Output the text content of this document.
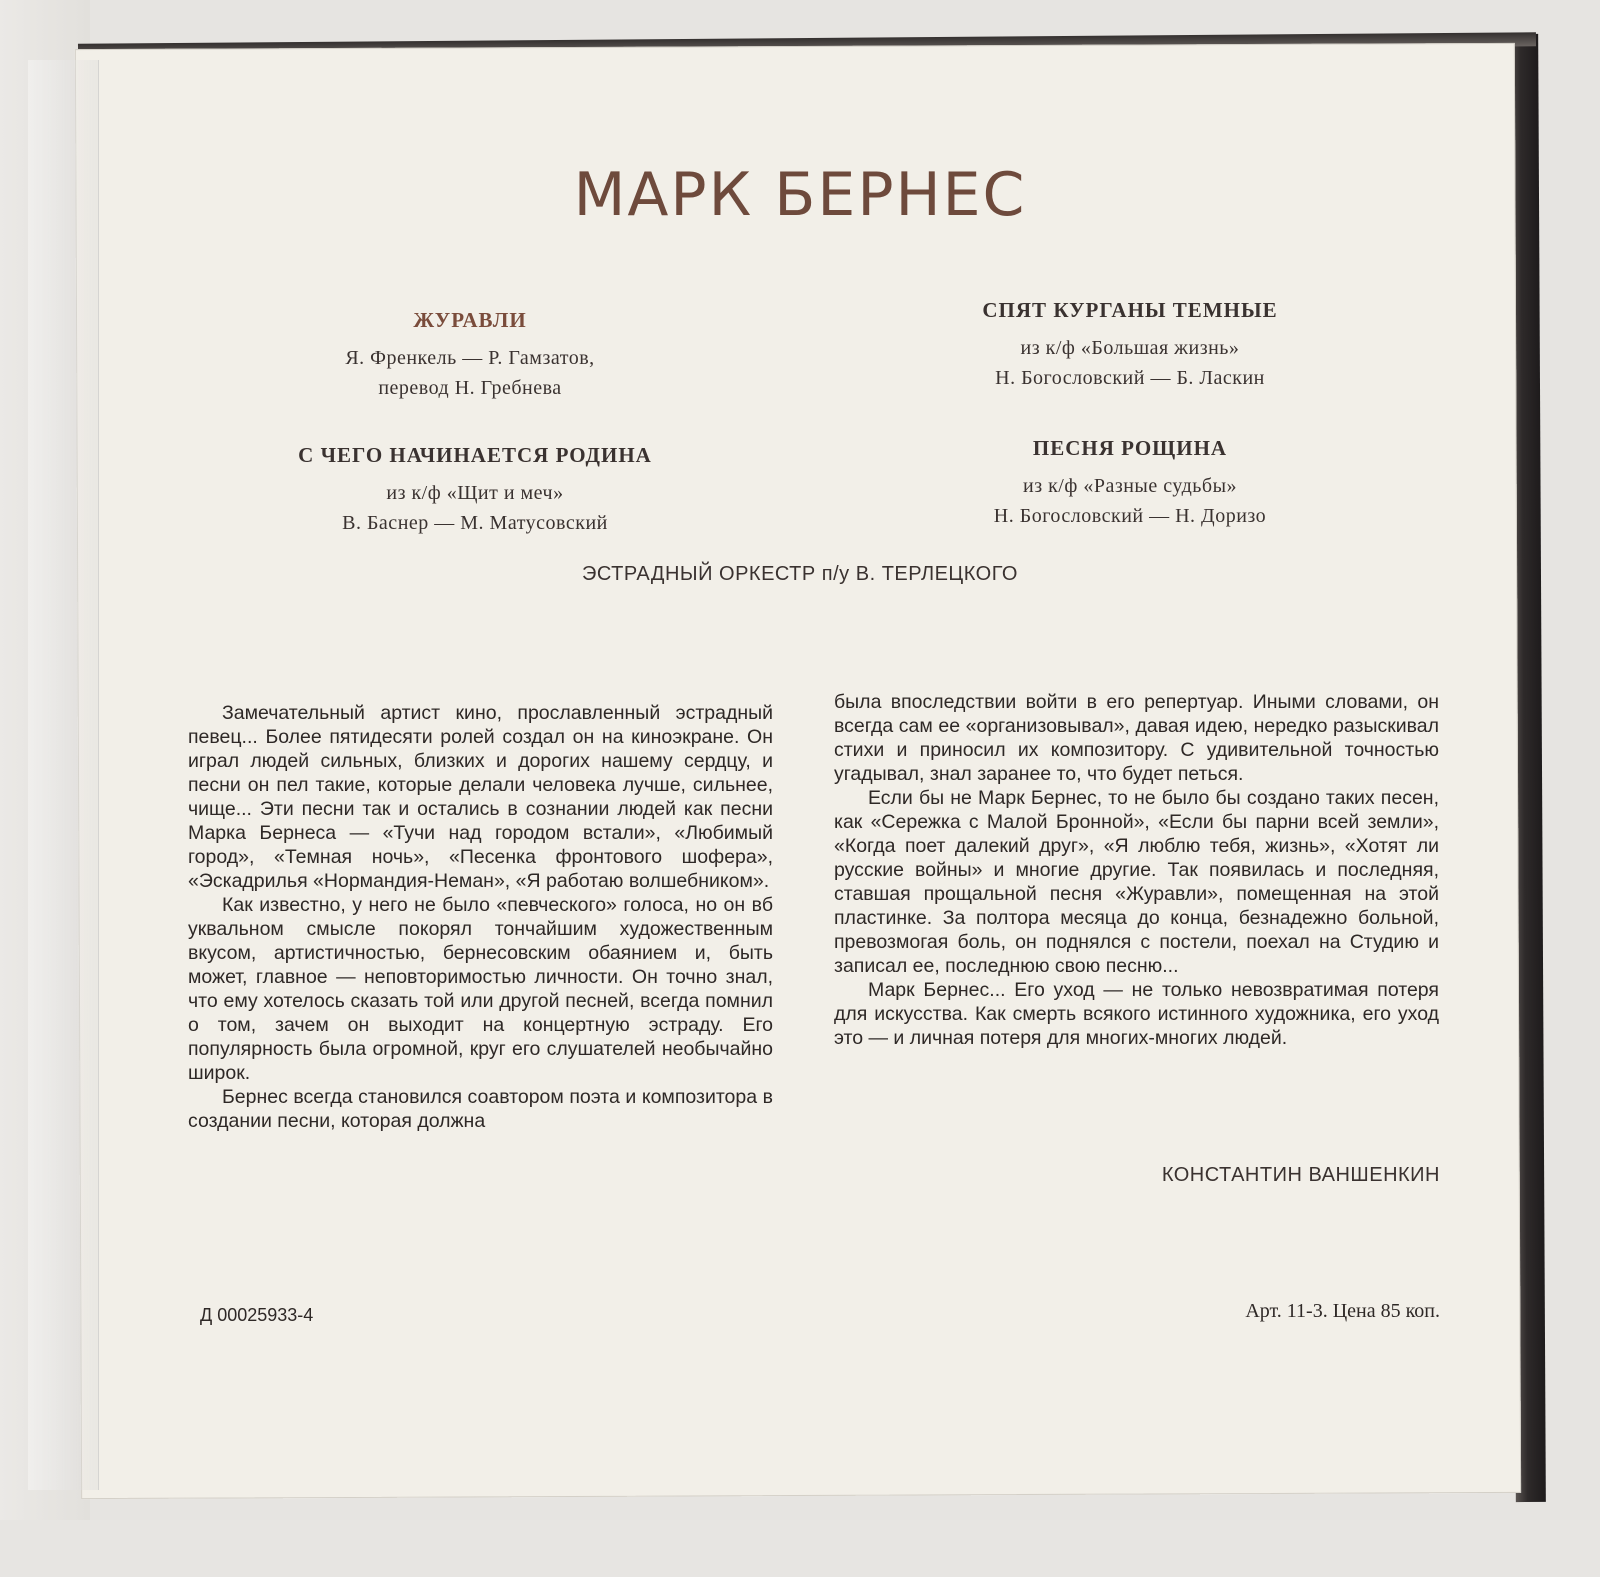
МАРК БЕРНЕС
ЖУРАВЛИ
Я. Френкель — Р. Гамзатов,
перевод Н. Гребнева
С ЧЕГО НАЧИНАЕТСЯ РОДИНА
из к/ф «Щит и меч»
В. Баснер — М. Матусовский
СПЯТ КУРГАНЫ ТЕМНЫЕ
из к/ф «Большая жизнь»
Н. Богословский — Б. Ласкин
ПЕСНЯ РОЩИНА
из к/ф «Разные судьбы»
Н. Богословский — Н. Доризо
ЭСТРАДНЫЙ ОРКЕСТР п/у В. ТЕРЛЕЦКОГО

Замечательный артист кино, прославленный эстрадный певец... Более пятидесяти ролей создал он на киноэкране. Он играл людей сильных, близких и дорогих нашему сердцу, и песни он пел такие, которые делали человека лучше, сильнее, чище... Эти песни так и остались в сознании людей как песни Марка Бернеса — «Тучи над городом встали», «Любимый город», «Темная ночь», «Песенка фронтового шофера», «Эскадрилья «Нормандия-Неман», «Я работаю волшебником».

Как известно, у него не было «певческого» голоса, но он вб уквальном смысле покорял тончайшим художественным вкусом, артистичностью, бернесовским обаянием и, быть может, главное — неповторимостью личности. Он точно знал, что ему хотелось сказать той или другой песней, всегда помнил о том, зачем он выходит на концертную эстраду. Его популярность была огромной, круг его слушателей необычайно широк.

Бернес всегда становился соавтором поэта и композитора в создании песни, которая должна

была впоследствии войти в его репертуар. Иными словами, он всегда сам ее «организовывал», давая идею, нередко разыскивал стихи и приносил их композитору. С удивительной точностью угадывал, знал заранее то, что будет петься.

Если бы не Марк Бернес, то не было бы создано таких песен, как «Сережка с Малой Бронной», «Если бы парни всей земли», «Когда поет далекий друг», «Я люблю тебя, жизнь», «Хотят ли русские войны» и многие другие. Так появилась и последняя, ставшая прощальной песня «Журавли», помещенная на этой пластинке. За полтора месяца до конца, безнадежно больной, превозмогая боль, он поднялся с постели, поехал на Студию и записал ее, последнюю свою песню...

Марк Бернес... Его уход — не только невозвратимая потеря для искусства. Как смерть всякого истинного художника, его уход это — и личная потеря для многих-многих людей.

КОНСТАНТИН ВАНШЕНКИН
Д 00025933-4	Арт. 11-3. Цена 85 коп.
